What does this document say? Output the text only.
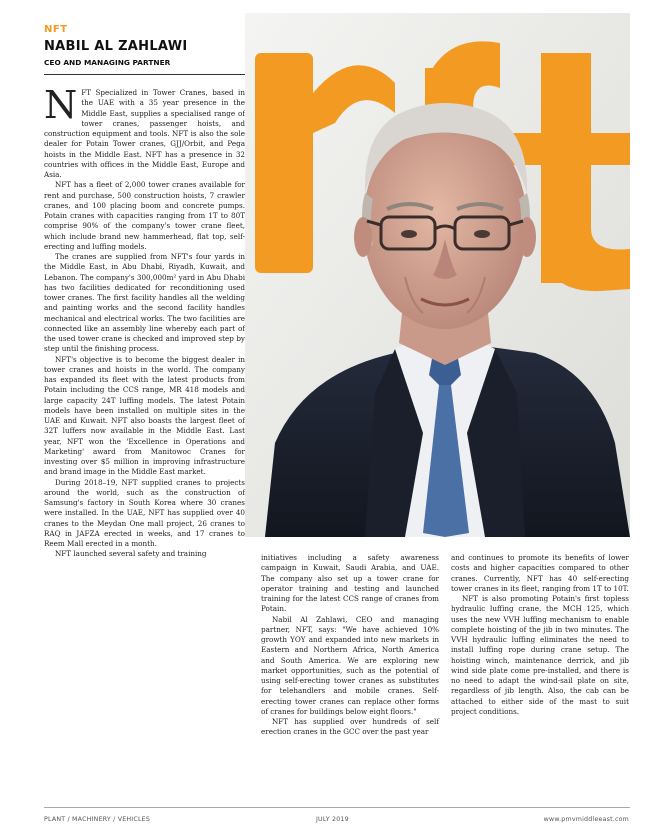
NFT
NABIL AL ZAHLAWI
CEO AND MANAGING PARTNER

NFT Specialized in Tower Cranes, based in the UAE with a 35 year presence in the Middle East, supplies a specialised range of tower cranes, passenger hoists, and construction equipment and tools. NFT is also the sole dealer for Potain Tower cranes, GJJ/Orbit, and Pega hoists in the Middle East. NFT has a presence in 32 countries with offices in the Middle East, Europe and Asia.

NFT has a fleet of 2,000 tower cranes available for rent and purchase, 500 construction hoists, 7 crawler cranes, and 100 placing boom and concrete pumps. Potain cranes with capacities ranging from 1T to 80T comprise 90% of the company's tower crane fleet, which include brand new hammerhead, flat top, self-erecting and luffing models.

The cranes are supplied from NFT's four yards in the Middle East, in Abu Dhabi, Riyadh, Kuwait, and Lebanon. The company's 300,000m² yard in Abu Dhabi has two facilities dedicated for reconditioning used tower cranes. The first facility handles all the welding and painting works and the second facility handles mechanical and electrical works. The two facilities are connected like an assembly line whereby each part of the used tower crane is checked and improved step by step until the finishing process.

NFT's objective is to become the biggest dealer in tower cranes and hoists in the world. The company has expanded its fleet with the latest products from Potain including the CCS range, MR 418 models and large capacity 24T luffing models. The latest Potain models have been installed on multiple sites in the UAE and Kuwait. NFT also boasts the largest fleet of 32T luffers now available in the Middle East. Last year, NFT won the 'Excellence in Operations and Marketing' award from Manitowoc Cranes for investing over $5 million in improving infrastructure and brand image in the Middle East market.

During 2018–19, NFT supplied cranes to projects around the world, such as the construction of Samsung's factory in South Korea where 30 cranes were installed. In the UAE, NFT has supplied over 40 cranes to the Meydan One mall project, 26 cranes to RAQ in JAFZA erected in weeks, and 17 cranes to Reem Mall erected in a month.

NFT launched several safety and training	initiatives including a safety awareness campaign in Kuwait, Saudi Arabia, and UAE. The company also set up a tower crane for operator training and testing and launched training for the latest CCS range of cranes from Potain.

Nabil Al Zahlawi, CEO and managing partner, NFT, says: "We have achieved 10% growth YOY and expanded into new markets in Eastern and Northern Africa, North America and South America. We are exploring new market opportunities, such as the potential of using self-erecting tower cranes as substitutes for telehandlers and mobile cranes. Self-erecting tower cranes can replace other forms of cranes for buildings below eight floors."

NFT has supplied over hundreds of self erection cranes in the GCC over the past year

and continues to promote its benefits of lower costs and higher capacities compared to other cranes. Currently, NFT has 40 self-erecting tower cranes in its fleet, ranging from 1T to 10T.

NFT is also promoting Potain's first topless hydraulic luffing crane, the MCH 125, which uses the new VVH luffing mechanism to enable complete hoisting of the jib in two minutes. The VVH hydraulic luffing eliminates the need to install luffing rope during crane setup. The hoisting winch, maintenance derrick, and jib wind side plate come pre-installed, and there is no need to adapt the wind-sail plate on site, regardless of jib length. Also, the cab can be attached to either side of the mast to suit project conditions.

PLANT / MACHINERY / VEHICLES	JULY 2019	www.pmvmiddleeast.com
